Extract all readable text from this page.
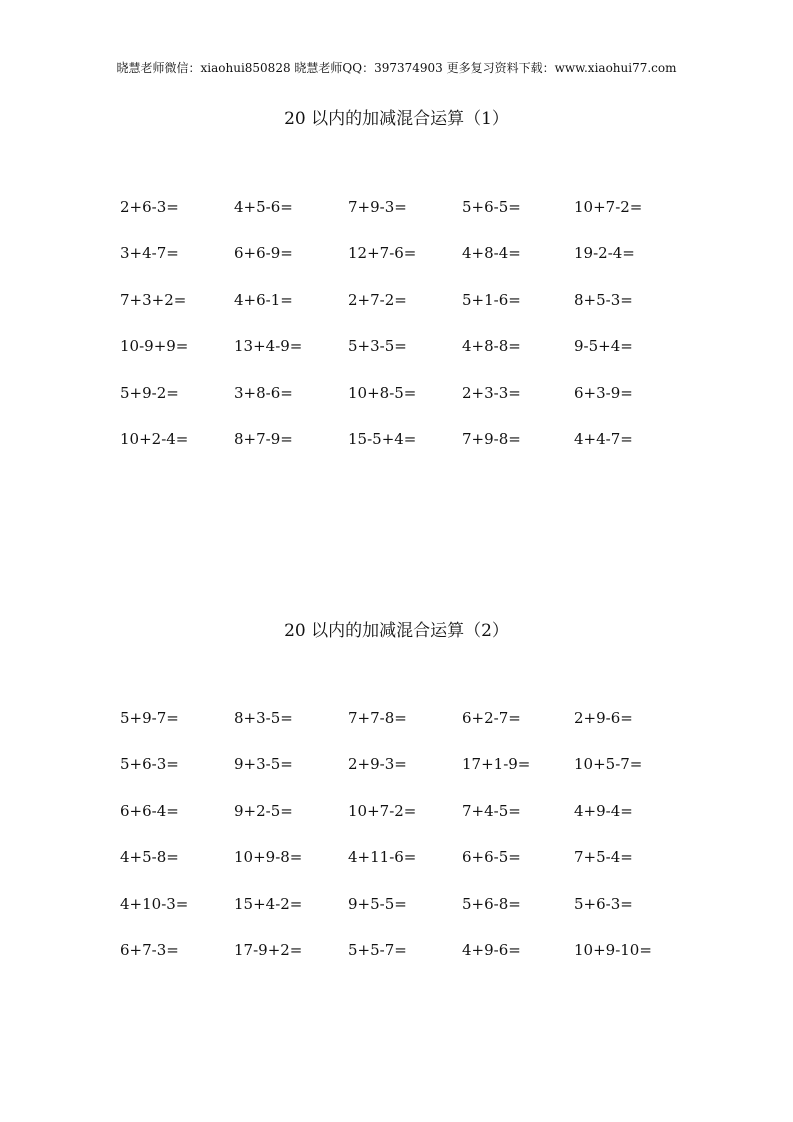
晓慧老师微信：xiaohui850828 晓慧老师QQ：397374903 更多复习资料下载：www.xiaohui77.com
20 以内的加减混合运算（1）
2+6-3=	4+5-6=	7+9-3=	5+6-5=	10+7-2=
3+4-7=	6+6-9=	12+7-6=	4+8-4=	19-2-4=
7+3+2=	4+6-1=	2+7-2=	5+1-6=	8+5-3=
10-9+9=	13+4-9=	5+3-5=	4+8-8=	9-5+4=
5+9-2=	3+8-6=	10+8-5=	2+3-3=	6+3-9=
10+2-4=	8+7-9=	15-5+4=	7+9-8=	4+4-7=
20 以内的加减混合运算（2）
5+9-7=	8+3-5=	7+7-8=	6+2-7=	2+9-6=
5+6-3=	9+3-5=	2+9-3=	17+1-9=	10+5-7=
6+6-4=	9+2-5=	10+7-2=	7+4-5=	4+9-4=
4+5-8=	10+9-8=	4+11-6=	6+6-5=	7+5-4=
4+10-3=	15+4-2=	9+5-5=	5+6-8=	5+6-3=
6+7-3=	17-9+2=	5+5-7=	4+9-6=	10+9-10=
